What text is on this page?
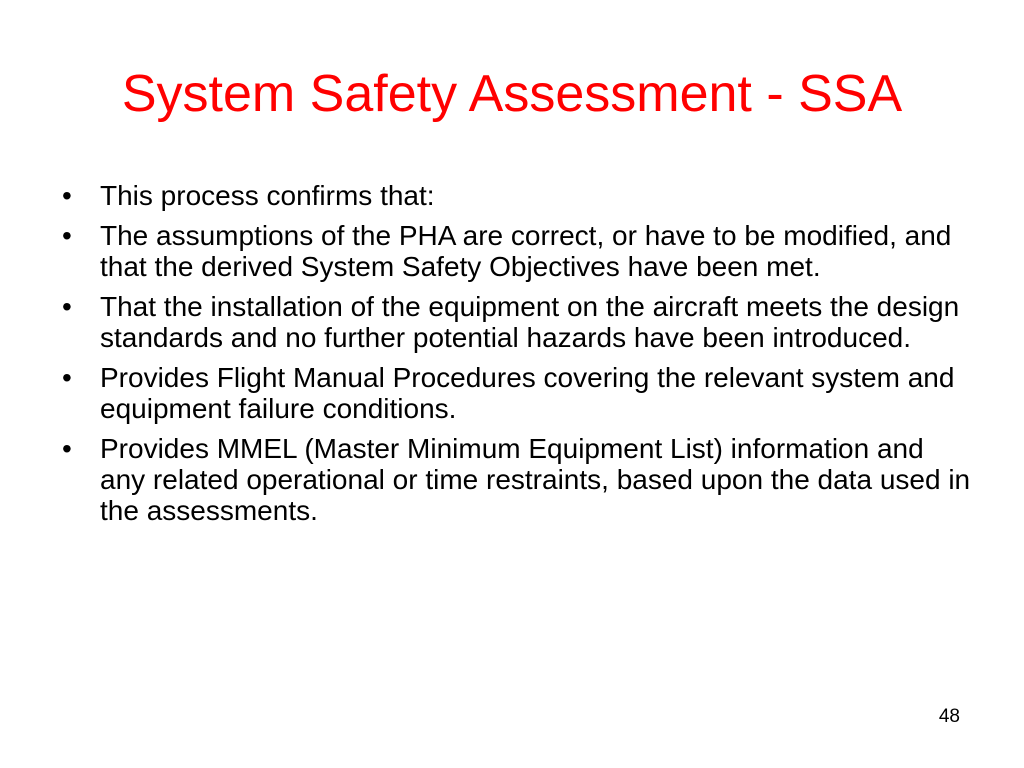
System Safety Assessment - SSA
•	This process confirms that:
•	The assumptions of the PHA are correct, or have to be modified, and that the derived System Safety Objectives have been met.
•	That the installation of the equipment on the aircraft meets the design standards and no further potential hazards have been introduced.
•	Provides Flight Manual Procedures covering the relevant system and equipment failure conditions.
•	Provides MMEL (Master Minimum Equipment List) information and any related operational or time restraints, based upon the data used in the assessments.
48
